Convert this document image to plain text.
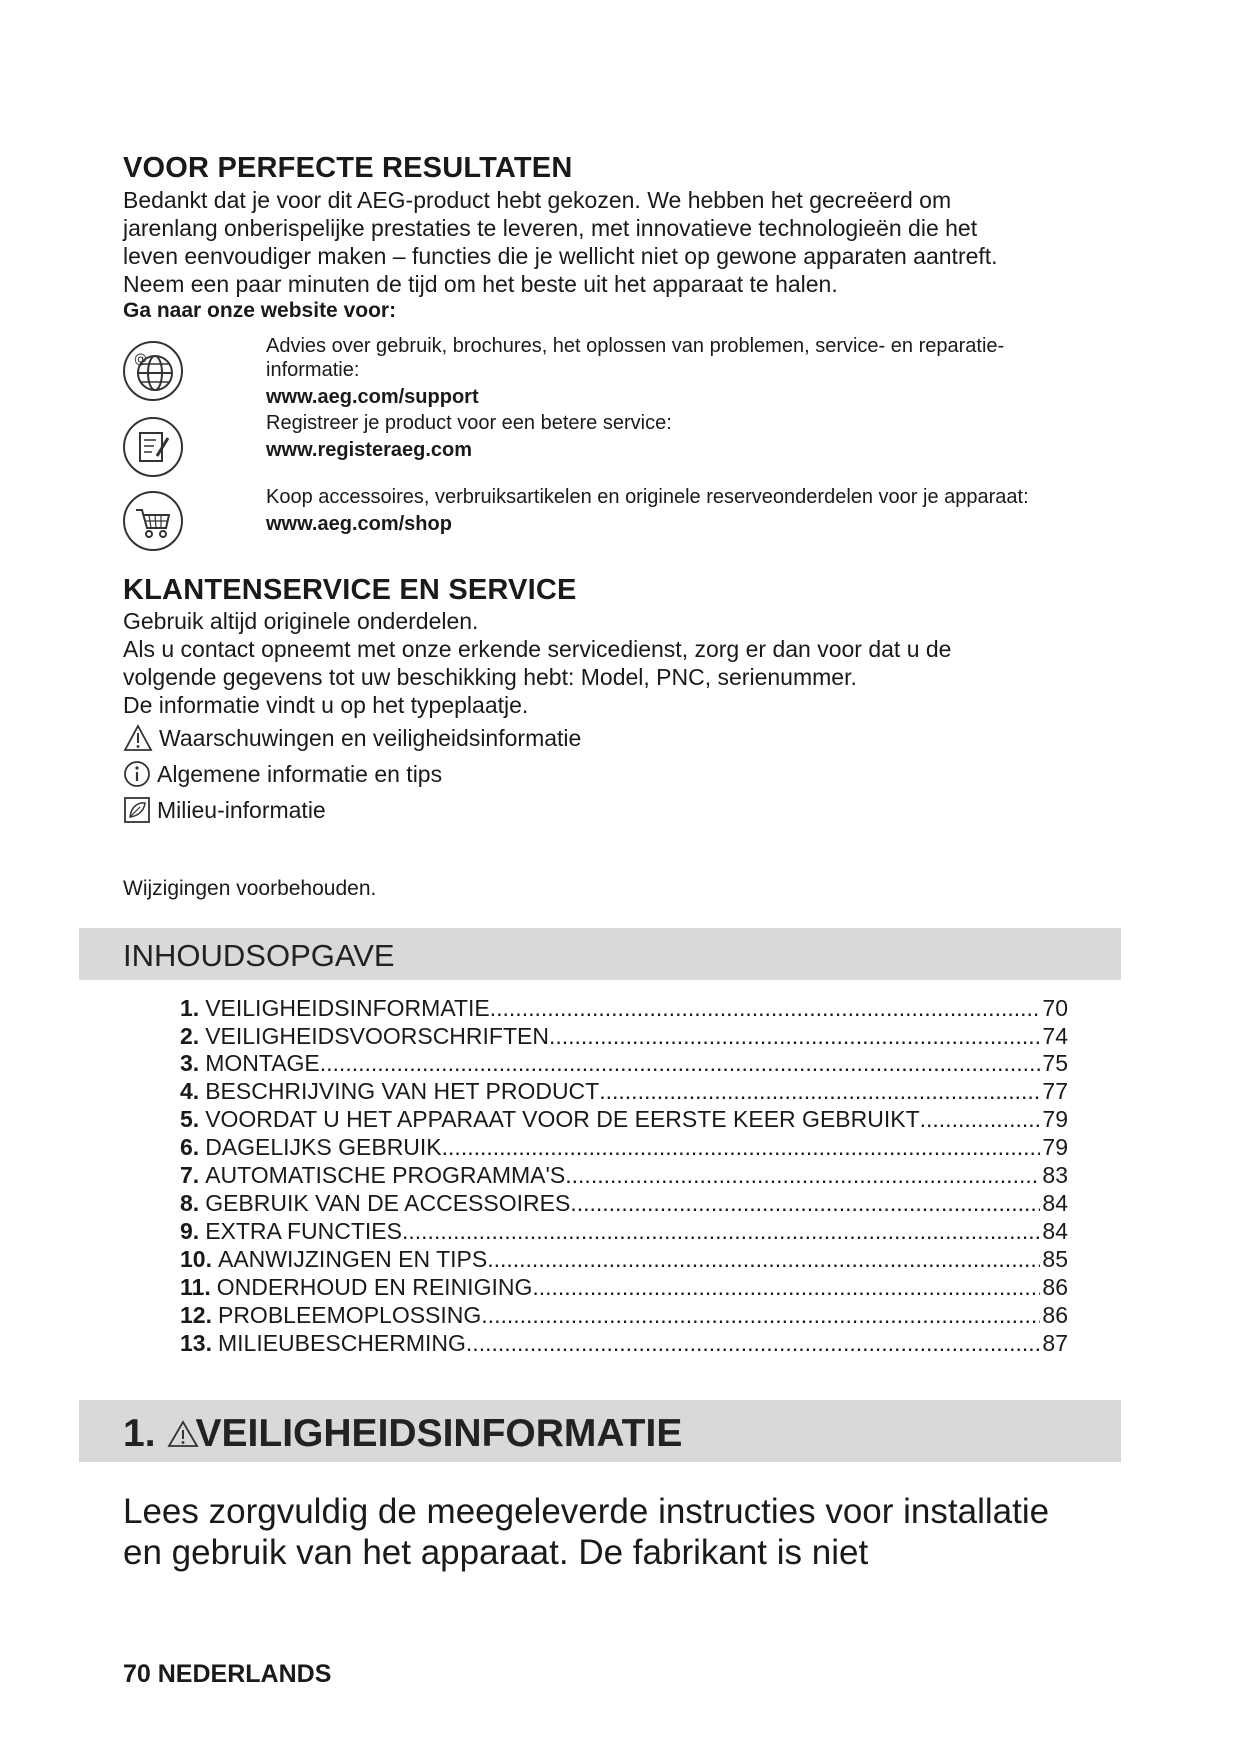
VOOR PERFECTE RESULTATEN
Bedankt dat je voor dit AEG-product hebt gekozen. We hebben het gecreëerd om
jarenlang onberispelijke prestaties te leveren, met innovatieve technologieën die het
leven eenvoudiger maken – functies die je wellicht niet op gewone apparaten aantreft.
Neem een paar minuten de tijd om het beste uit het apparaat te halen.
Ga naar onze website voor:
@
Advies over gebruik, brochures, het oplossen van problemen, service- en reparatie-
informatie:
www.aeg.com/support
Registreer je product voor een betere service:
www.registeraeg.com
Koop accessoires, verbruiksartikelen en originele reserveonderdelen voor je apparaat:
www.aeg.com/shop
KLANTENSERVICE EN SERVICE
Gebruik altijd originele onderdelen.
Als u contact opneemt met onze erkende servicedienst, zorg er dan voor dat u de
volgende gegevens tot uw beschikking hebt: Model, PNC, serienummer.
De informatie vindt u op het typeplaatje.
Waarschuwingen en veiligheidsinformatie
Algemene informatie en tips
Milieu-informatie
Wijzigingen voorbehouden.
INHOUDSOPGAVE
1. VEILIGHEIDSINFORMATIE .....	70
2. VEILIGHEIDSVOORSCHRIFTEN .....	74
3. MONTAGE .....	75
4. BESCHRIJVING VAN HET PRODUCT .....	77
5. VOORDAT U HET APPARAAT VOOR DE EERSTE KEER GEBRUIKT .....	79
6. DAGELIJKS GEBRUIK .....	79
7. AUTOMATISCHE PROGRAMMA'S .....	83
8. GEBRUIK VAN DE ACCESSOIRES .....	84
9. EXTRA FUNCTIES .....	84
10. AANWIJZINGEN EN TIPS .....	85
11. ONDERHOUD EN REINIGING .....	86
12. PROBLEEMOPLOSSING .....	86
13. MILIEUBESCHERMING .....	87
1. VEILIGHEIDSINFORMATIE
Lees zorgvuldig de meegeleverde instructies voor installatie
en gebruik van het apparaat. De fabrikant is niet
70 NEDERLANDS
